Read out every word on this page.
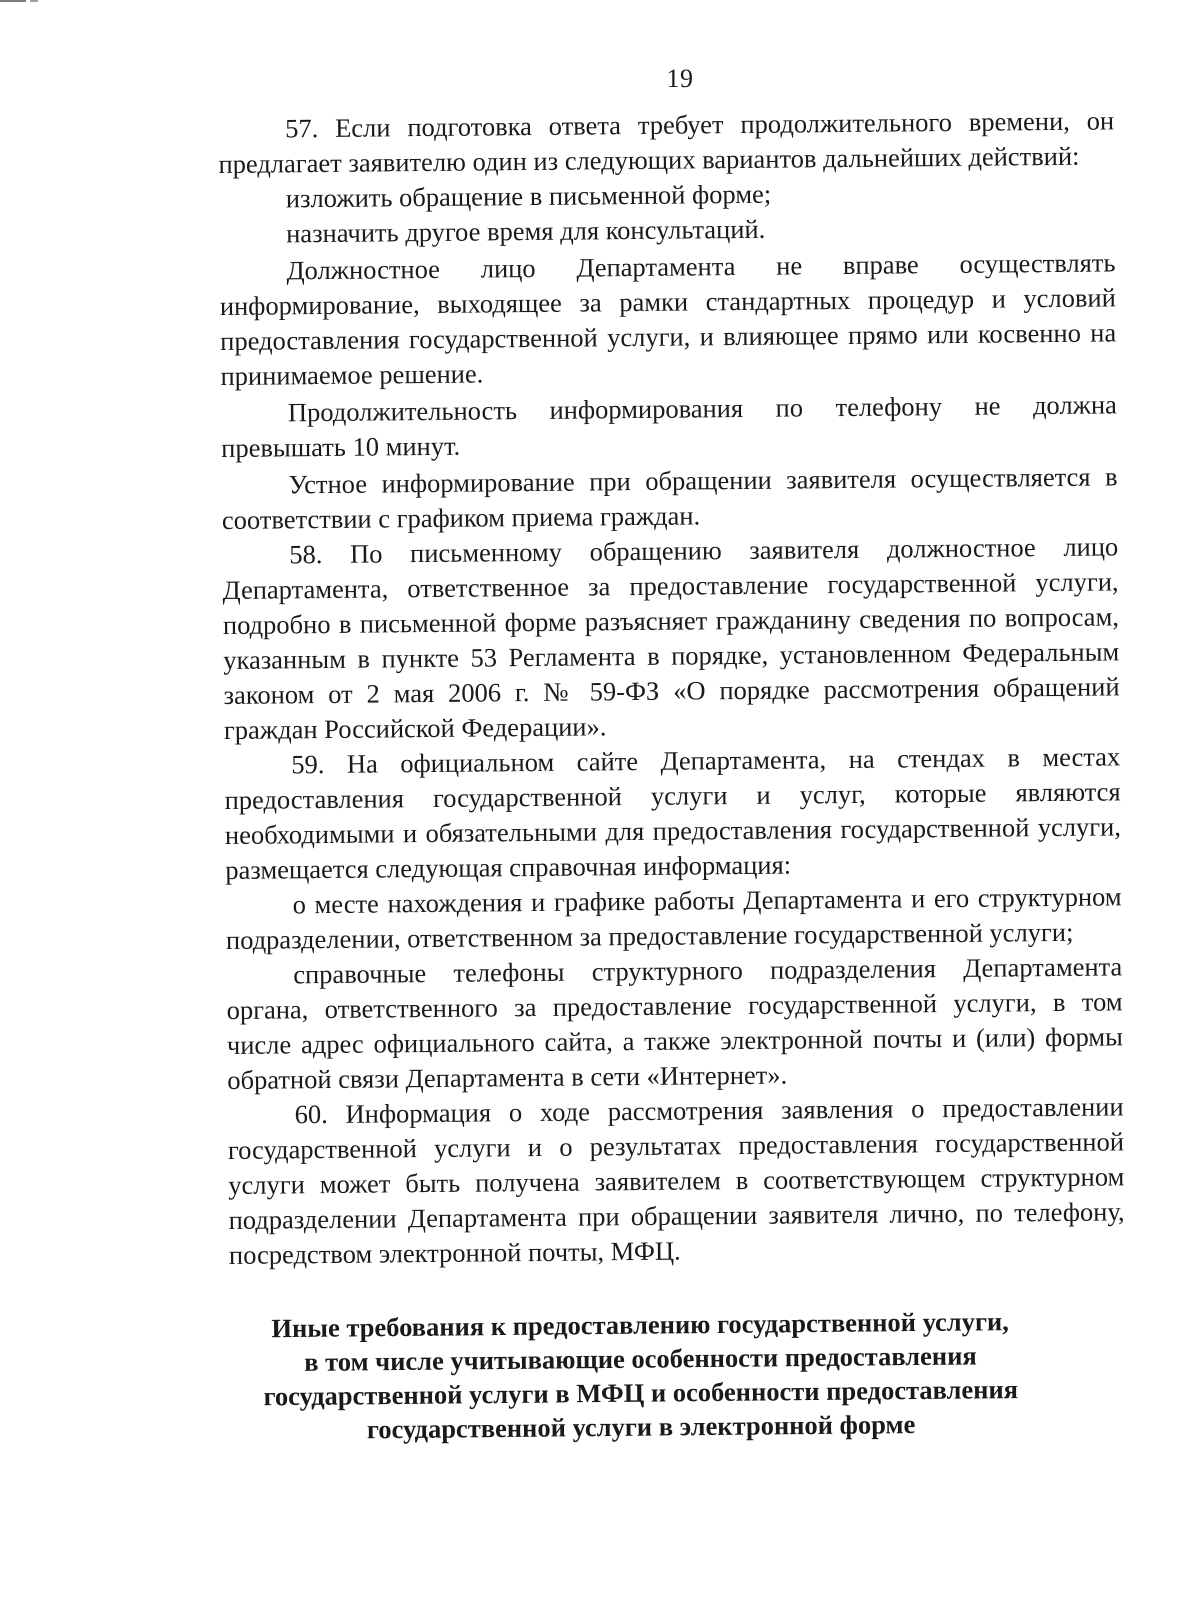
19

57. Если подготовка ответа требует продолжительного времени, он предлагает заявителю один из следующих вариантов дальнейших действий:

изложить обращение в письменной форме;

назначить другое время для консультаций.

Должностное лицо Департамента не вправе осуществлять информирование, выходящее за рамки стандартных процедур и условий предоставления государственной услуги, и влияющее прямо или косвенно на принимаемое решение.

Продолжительность информирования по телефону не должна превышать 10 минут.

Устное информирование при обращении заявителя осуществляется в соответствии с графиком приема граждан.

58. По письменному обращению заявителя должностное лицо Департамента, ответственное за предоставление государственной услуги, подробно в письменной форме разъясняет гражданину сведения по вопросам, указанным в пункте 53 Регламента в порядке, установленном Федеральным законом от 2 мая 2006 г. № 59-ФЗ «О порядке рассмотрения обращений граждан Российской Федерации».

59. На официальном сайте Департамента, на стендах в местах предоставления государственной услуги и услуг, которые являются необходимыми и обязательными для предоставления государственной услуги, размещается следующая справочная информация:

о месте нахождения и графике работы Департамента и его структурном подразделении, ответственном за предоставление государственной услуги;

справочные телефоны структурного подразделения Департамента органа, ответственного за предоставление государственной услуги, в том числе адрес официального сайта, а также электронной почты и (или) формы обратной связи Департамента в сети «Интернет».

60. Информация о ходе рассмотрения заявления о предоставлении государственной услуги и о результатах предоставления государственной услуги может быть получена заявителем в соответствующем структурном подразделении Департамента при обращении заявителя лично, по телефону, посредством электронной почты, МФЦ.

Иные требования к предоставлению государственной услуги,
в том числе учитывающие особенности предоставления
государственной услуги в МФЦ и особенности предоставления
государственной услуги в электронной форме
